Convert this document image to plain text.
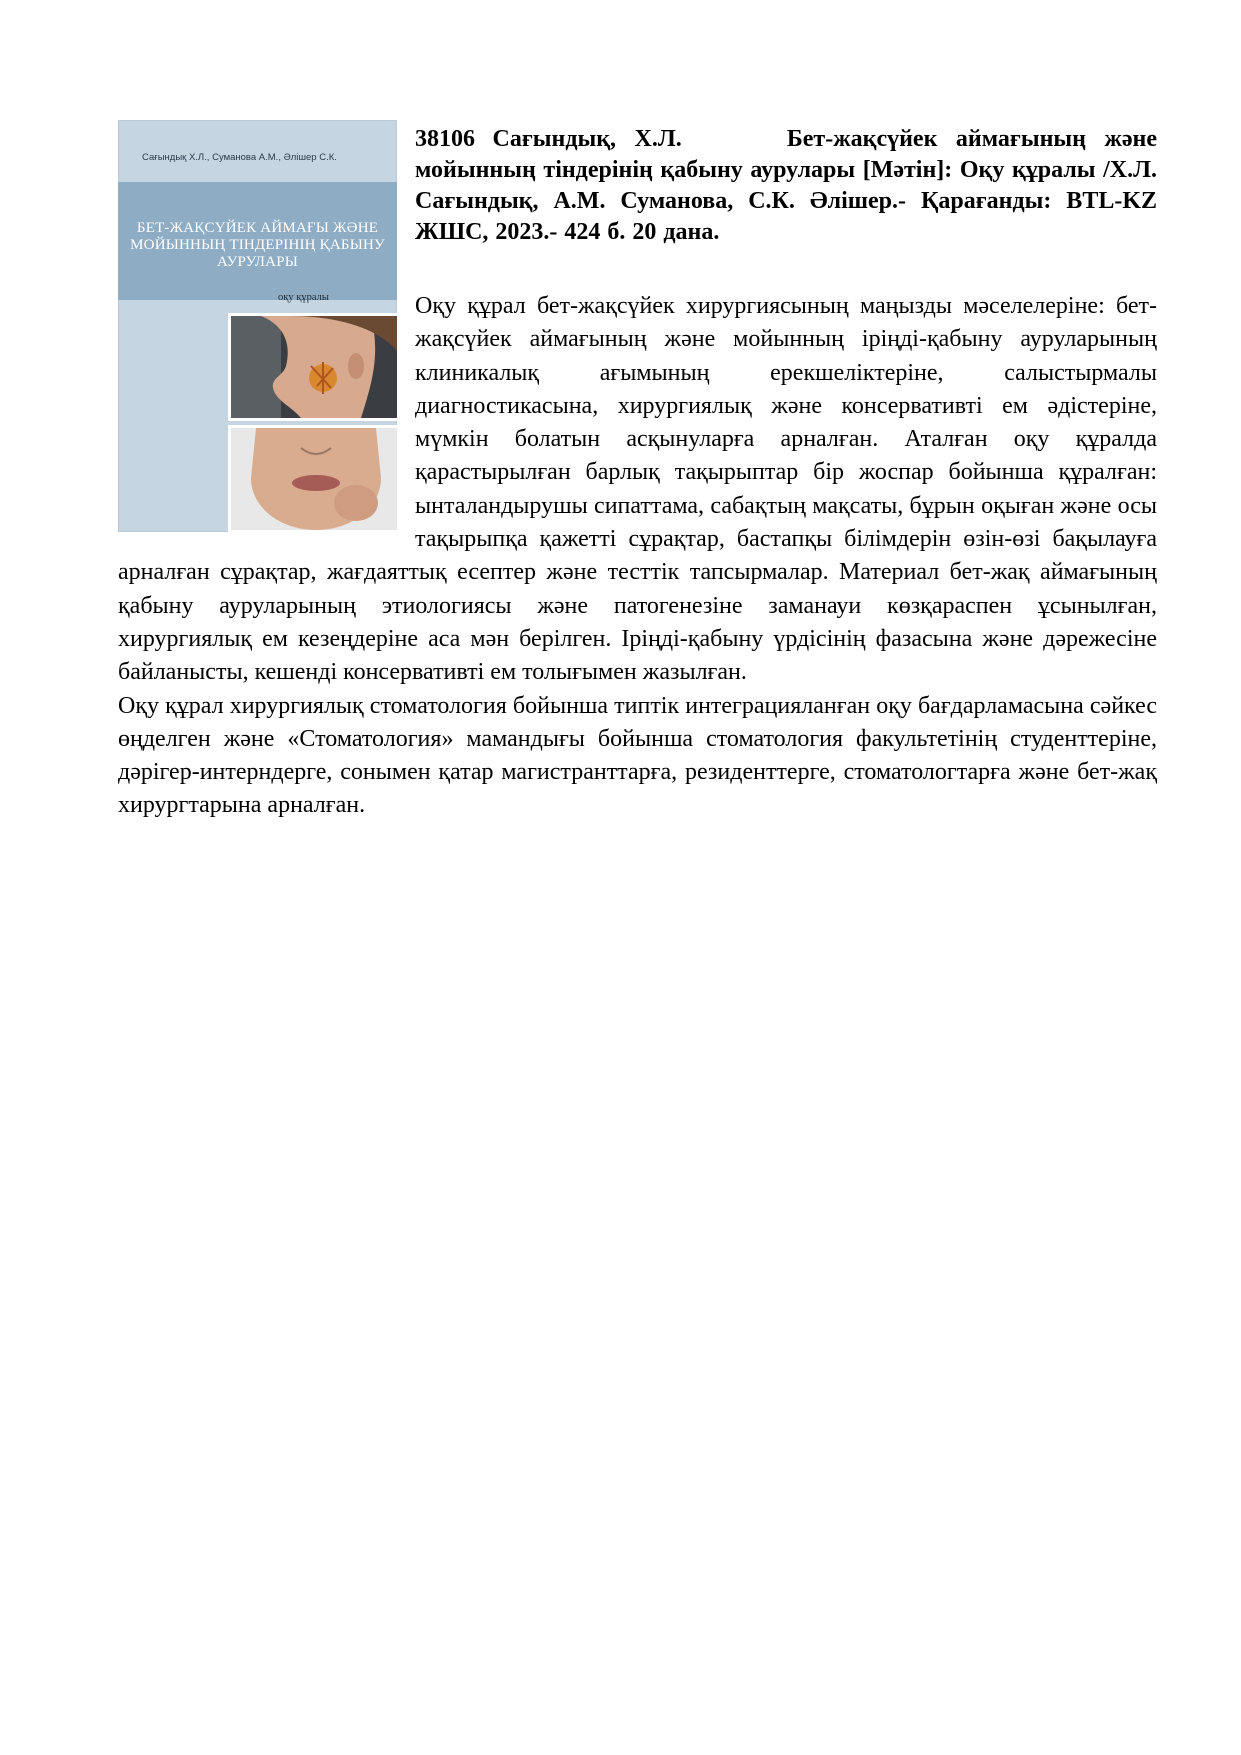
Сағындық Х.Л., Суманова А.М., Әлішер С.К.
БЕТ-ЖАҚСҮЙЕК АЙМАҒЫ ЖӘНЕ МОЙЫННЫҢ ТІНДЕРІНІҢ ҚАБЫНУ АУРУЛАРЫ
оқу құралы
38106 Сағындық, Х.Л.	Бет-жақсүйек аймағының және мойынның тіндерінің қабыну аурулары [Мәтін]: Оқу құралы /Х.Л. Сағындық, А.М. Суманова, С.К. Әлішер.- Қарағанды: BTL-KZ ЖШС, 2023.- 424 б. 20 дана.

Оқу құрал бет-жақсүйек хирургиясының маңызды мәселелеріне: бет-жақсүйек аймағының және мойынның іріңді-қабыну ауруларының клиникалық ағымының ерекшеліктеріне, салыстырмалы диагностикасына, хирургиялық және консервативті ем әдістеріне, мүмкін болатын асқынуларға арналған. Аталған оқу құралда қарастырылған барлық тақырыптар бір жоспар бойынша құралған: ынталандырушы сипаттама, сабақтың мақсаты, бұрын оқыған және осы тақырыпқа қажетті сұрақтар, бастапқы білімдерін өзін-өзі бақылауға арналған сұрақтар, жағдаяттық есептер және тесттік тапсырмалар. Материал бет-жақ аймағының қабыну ауруларының этиологиясы және патогенезіне заманауи көзқараспен ұсынылған, хирургиялық ем кезеңдеріне аса мән берілген. Іріңді-қабыну үрдісінің фазасына және дәрежесіне байланысты, кешенді консервативті ем толығымен жазылған.

Оқу құрал хирургиялық стоматология бойынша типтік интеграцияланған оқу бағдарламасына сәйкес өңделген және «Стоматология» мамандығы бойынша стоматология факультетінің студенттеріне, дәрігер-интерндерге, сонымен қатар магистранттарға, резиденттерге, стоматологтарға және бет-жақ хирургтарына арналған.
